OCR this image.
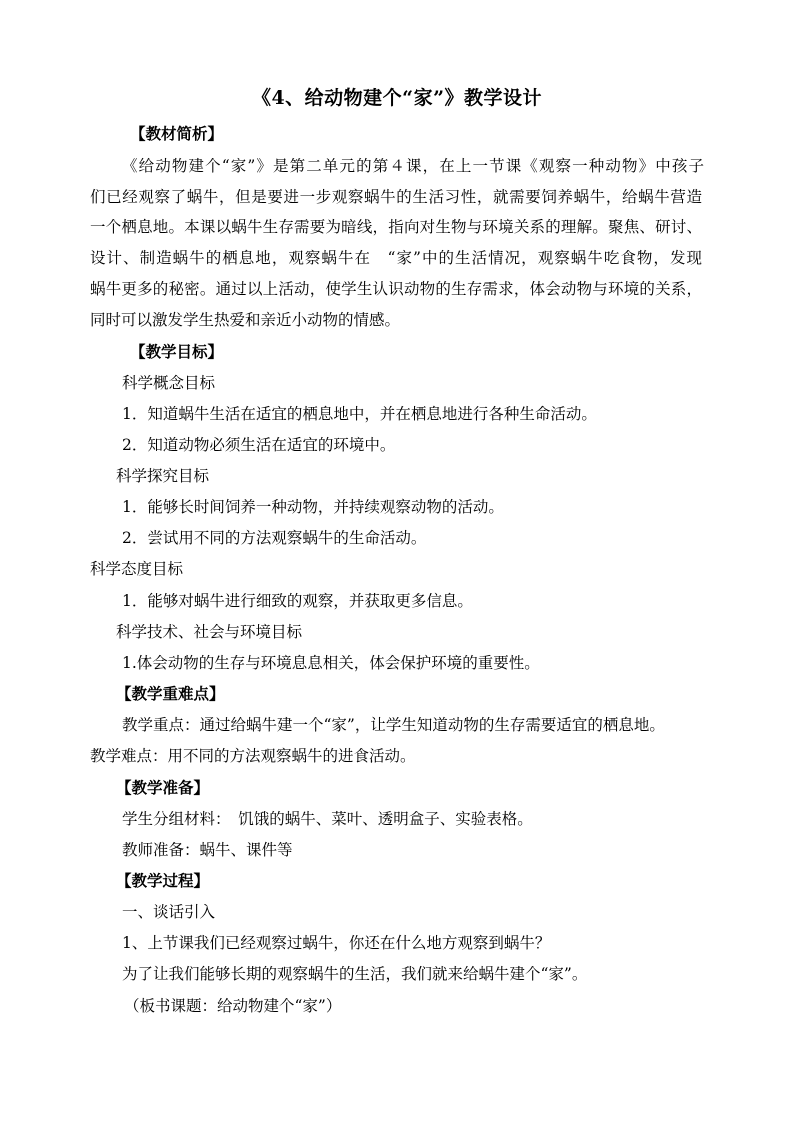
《4、给动物建个“家”》教学设计
【教材简析】
《给动物建个“家”》是第二单元的第４课，在上一节课《观察一种动物》中孩子
们已经观察了蜗牛，但是要进一步观察蜗牛的生活习性，就需要饲养蜗牛，给蜗牛营造
一个栖息地。本课以蜗牛生存需要为暗线，指向对生物与环境关系的理解。聚焦、研讨、
设计、制造蜗牛的栖息地，观察蜗牛在　“家”中的生活情况，观察蜗牛吃食物，发现
蜗牛更多的秘密。通过以上活动，使学生认识动物的生存需求，体会动物与环境的关系，
同时可以激发学生热爱和亲近小动物的情感。
【教学目标】
科学概念目标
1．知道蜗牛生活在适宜的栖息地中，并在栖息地进行各种生命活动。
2．知道动物必须生活在适宜的环境中。
科学探究目标
1．能够长时间饲养一种动物，并持续观察动物的活动。
2．尝试用不同的方法观察蜗牛的生命活动。
科学态度目标
1．能够对蜗牛进行细致的观察，并获取更多信息。
科学技术、社会与环境目标
1.体会动物的生存与环境息息相关，体会保护环境的重要性。
【教学重难点】
教学重点：通过给蜗牛建一个“家”，让学生知道动物的生存需要适宜的栖息地。
教学难点：用不同的方法观察蜗牛的进食活动。
【教学准备】
学生分组材料：　饥饿的蜗牛、菜叶、透明盒子、实验表格。
教师准备：蜗牛、课件等
【教学过程】
一、谈话引入
1、上节课我们已经观察过蜗牛，你还在什么地方观察到蜗牛？
为了让我们能够长期的观察蜗牛的生活，我们就来给蜗牛建个“家”。
（板书课题：给动物建个“家”）
